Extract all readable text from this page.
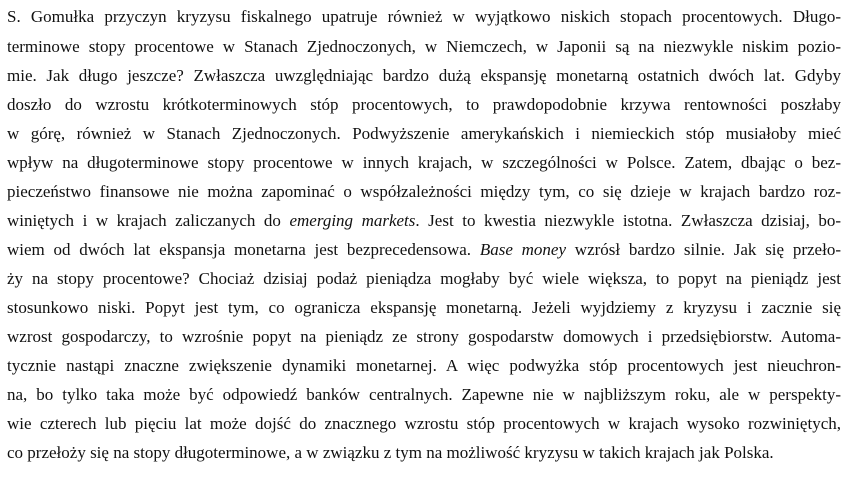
S. Gomułka przyczyn kryzysu fiskalnego upatruje również w wyjątkowo niskich stopach procentowych. Długo-
terminowe stopy procentowe w Stanach Zjednoczonych, w Niemczech, w Japonii są na niezwykle niskim pozio-
mie. Jak długo jeszcze? Zwłaszcza uwzględniając bardzo dużą ekspansję monetarną ostatnich dwóch lat. Gdyby
doszło do wzrostu krótkoterminowych stóp procentowych, to prawdopodobnie krzywa rentowności poszłaby
w górę, również w Stanach Zjednoczonych. Podwyższenie amerykańskich i niemieckich stóp musiałoby mieć
wpływ na długoterminowe stopy procentowe w innych krajach, w szczególności w Polsce. Zatem, dbając o bez-
pieczeństwo finansowe nie można zapominać o współzależności między tym, co się dzieje w krajach bardzo roz-
winiętych i w krajach zaliczanych do emerging markets. Jest to kwestia niezwykle istotna. Zwłaszcza dzisiaj, bo-
wiem od dwóch lat ekspansja monetarna jest bezprecedensowa. Base money wzrósł bardzo silnie. Jak się przeło-
ży na stopy procentowe? Chociaż dzisiaj podaż pieniądza mogłaby być wiele większa, to popyt na pieniądz jest
stosunkowo niski. Popyt jest tym, co ogranicza ekspansję monetarną. Jeżeli wyjdziemy z kryzysu i zacznie się
wzrost gospodarczy, to wzrośnie popyt na pieniądz ze strony gospodarstw domowych i przedsiębiorstw. Automa-
tycznie nastąpi znaczne zwiększenie dynamiki monetarnej. A więc podwyżka stóp procentowych jest nieuchron-
na, bo tylko taka może być odpowiedź banków centralnych. Zapewne nie w najbliższym roku, ale w perspekty-
wie czterech lub pięciu lat może dojść do znacznego wzrostu stóp procentowych w krajach wysoko rozwiniętych,
co przełoży się na stopy długoterminowe, a w związku z tym na możliwość kryzysu w takich krajach jak Polska.
